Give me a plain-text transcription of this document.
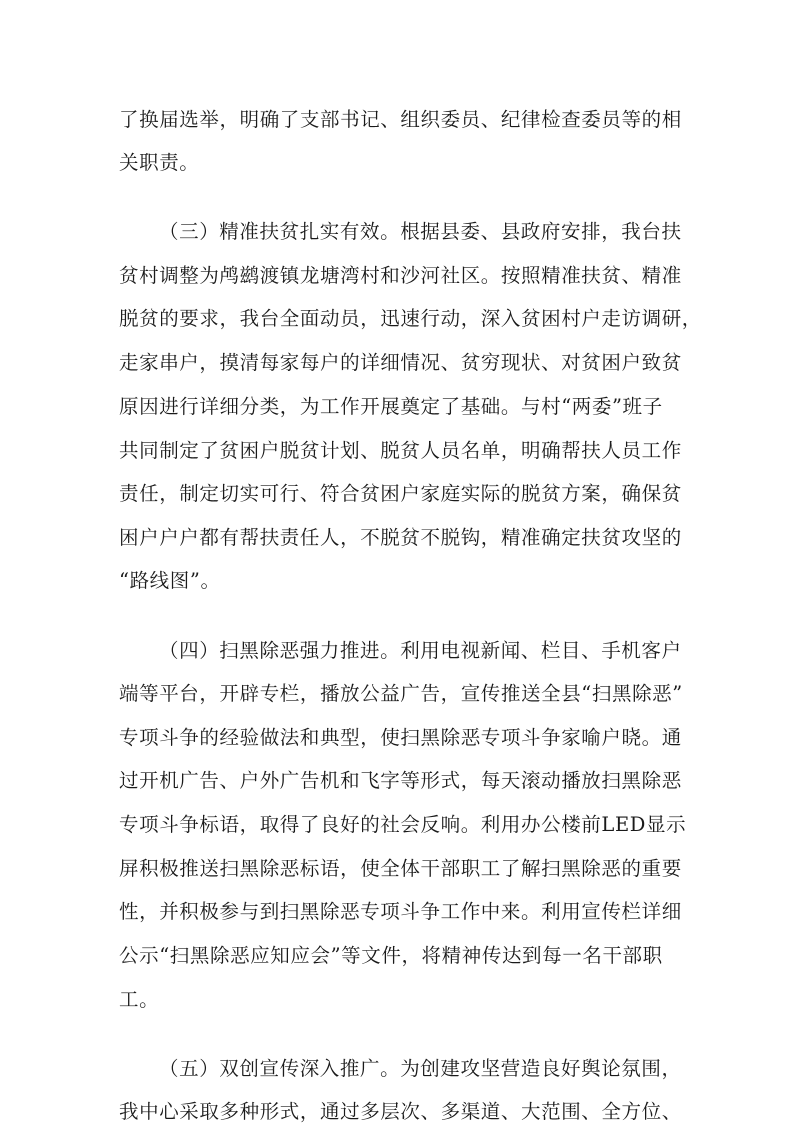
了换届选举，明确了支部书记、组织委员、纪律检查委员等的相
关职责。
（三）精准扶贫扎实有效。根据县委、县政府安排，我台扶
贫村调整为鸬鹚渡镇龙塘湾村和沙河社区。按照精准扶贫、精准
脱贫的要求，我台全面动员，迅速行动，深入贫困村户走访调研，
走家串户，摸清每家每户的详细情况、贫穷现状、对贫困户致贫
原因进行详细分类，为工作开展奠定了基础。与村“两委”班子
共同制定了贫困户脱贫计划、脱贫人员名单，明确帮扶人员工作
责任，制定切实可行、符合贫困户家庭实际的脱贫方案，确保贫
困户户户都有帮扶责任人，不脱贫不脱钩，精准确定扶贫攻坚的
“路线图”。
（四）扫黑除恶强力推进。利用电视新闻、栏目、手机客户
端等平台，开辟专栏，播放公益广告，宣传推送全县“扫黑除恶”
专项斗争的经验做法和典型，使扫黑除恶专项斗争家喻户晓。通
过开机广告、户外广告机和飞字等形式，每天滚动播放扫黑除恶
专项斗争标语，取得了良好的社会反响。利用办公楼前LED显示
屏积极推送扫黑除恶标语，使全体干部职工了解扫黑除恶的重要
性，并积极参与到扫黑除恶专项斗争工作中来。利用宣传栏详细
公示“扫黑除恶应知应会”等文件，将精神传达到每一名干部职
工。
（五）双创宣传深入推广。为创建攻坚营造良好舆论氛围，
我中心采取多种形式，通过多层次、多渠道、大范围、全方位、
